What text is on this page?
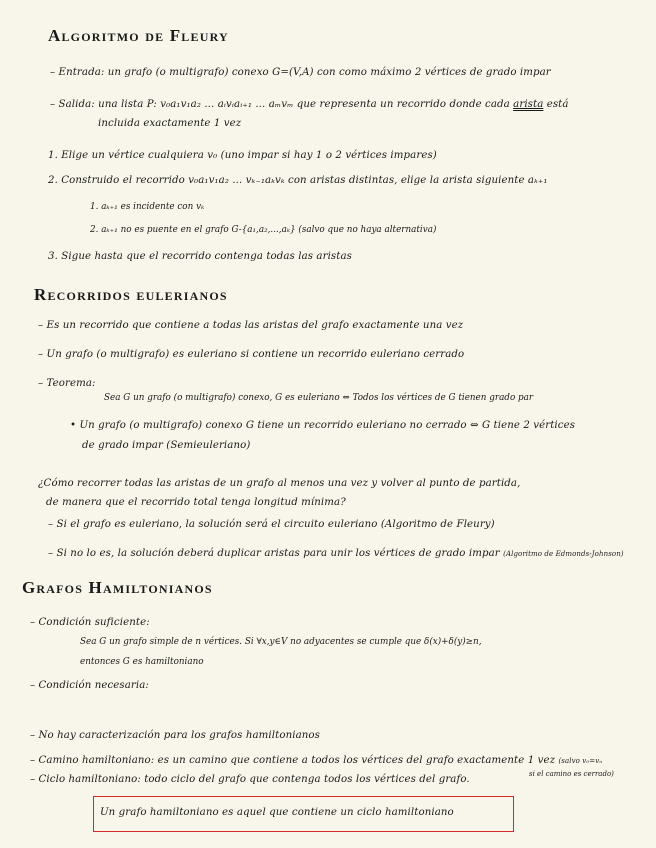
Algoritmo de Fleury
– Entrada: un grafo (o multigrafo) conexo G=(V,A) con como máximo 2 vértices de grado impar
– Salida: una lista P: v₀a₁v₁a₂ ... aᵢvᵢaᵢ₊₁ ... aₘvₘ que representa un recorrido donde cada arista está
incluida exactamente 1 vez
1. Elige un vértice cualquiera v₀ (uno impar si hay 1 o 2 vértices impares)
2. Construido el recorrido v₀a₁v₁a₂ ... vₖ₋₁aₖvₖ con aristas distintas, elige la arista siguiente aₖ₊₁
1. aₖ₊₁ es incidente con vₖ
2. aₖ₊₁ no es puente en el grafo G-{a₁,a₂,...,aₖ} (salvo que no haya alternativa)
3. Sigue hasta que el recorrido contenga todas las aristas
Recorridos eulerianos
– Es un recorrido que contiene a todas las aristas del grafo exactamente una vez
– Un grafo (o multigrafo) es euleriano si contiene un recorrido euleriano cerrado
– Teorema:
Sea G un grafo (o multigrafo) conexo, G es euleriano ⇔ Todos los vértices de G tienen grado par
• Un grafo (o multigrafo) conexo G tiene un recorrido euleriano no cerrado ⇔ G tiene 2 vértices
de grado impar (Semieuleriano)
¿Cómo recorrer todas las aristas de un grafo al menos una vez y volver al punto de partida,
de manera que el recorrido total tenga longitud mínima?
– Si el grafo es euleriano, la solución será el circuito euleriano (Algoritmo de Fleury)
– Si no lo es, la solución deberá duplicar aristas para unir los vértices de grado impar (Algoritmo de Edmonds-Johnson)
Grafos Hamiltonianos
– Condición suficiente:
Sea G un grafo simple de n vértices. Si ∀x,y∈V no adyacentes se cumple que δ(x)+δ(y)≥n,
entonces G es hamiltoniano
– Condición necesaria:
– No hay caracterización para los grafos hamiltonianos
– Camino hamiltoniano: es un camino que contiene a todos los vértices del grafo exactamente 1 vez (salvo v₀=vₙ
– Ciclo hamiltoniano: todo ciclo del grafo que contenga todos los vértices del grafo.	si el camino es cerrado)
Un grafo hamiltoniano es aquel que contiene un ciclo hamiltoniano
